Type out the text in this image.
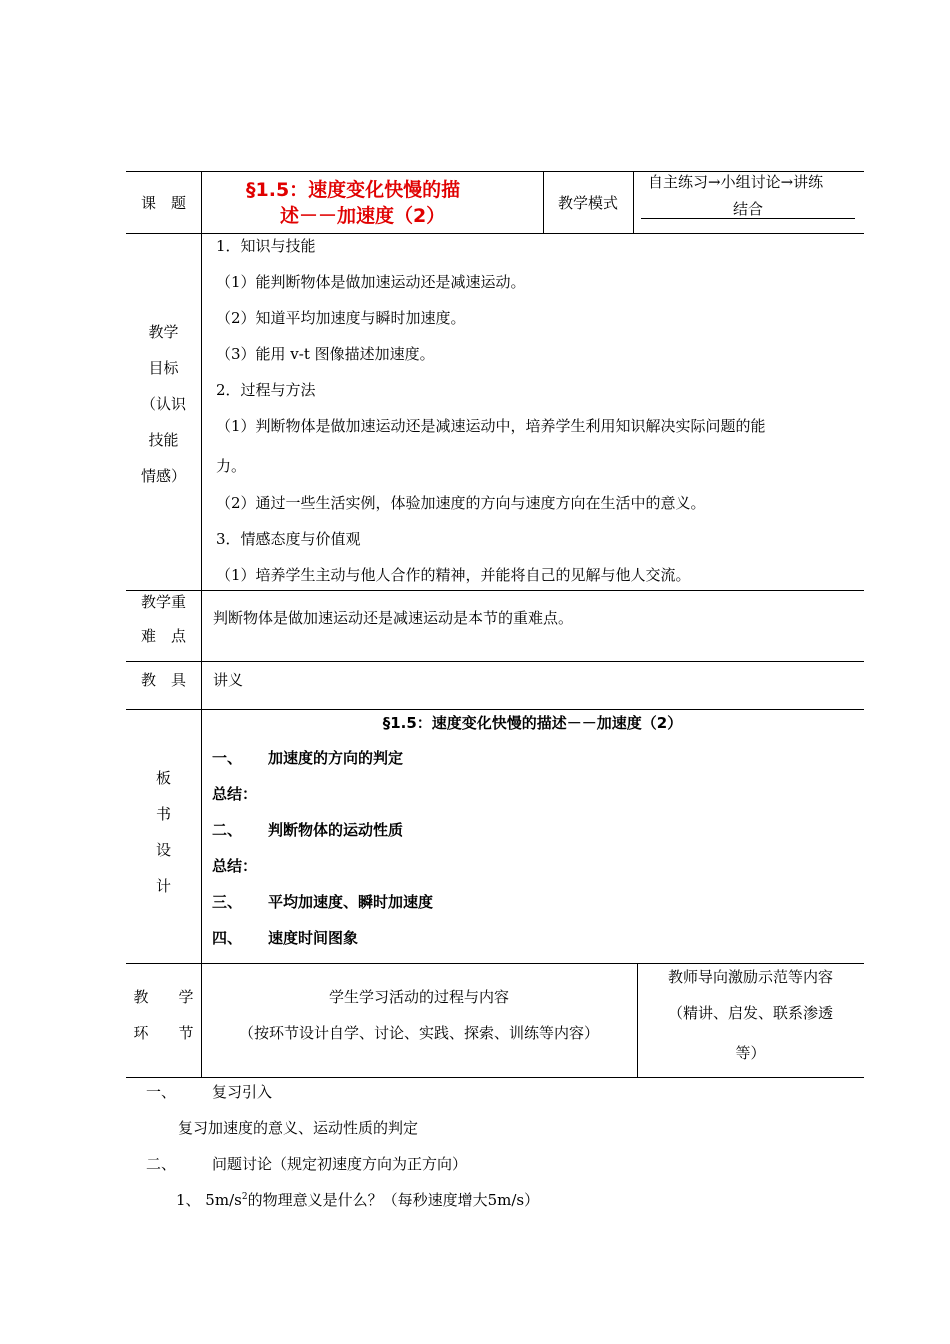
课　题
§1.5：速度变化快慢的描
述－－加速度（2）
教学模式
自主练习→小组讨论→讲练
结合
教学
目标
（认识
技能
情感）
1．知识与技能
（1）能判断物体是做加速运动还是减速运动。
（2）知道平均加速度与瞬时加速度。
（3）能用 v-t 图像描述加速度。
2．过程与方法
（1）判断物体是做加速运动还是减速运动中，培养学生利用知识解决实际问题的能
力。
（2）通过一些生活实例，体验加速度的方向与速度方向在生活中的意义。
3．情感态度与价值观
（1）培养学生主动与他人合作的精神，并能将自己的见解与他人交流。
教学重
难　点
判断物体是做加速运动还是减速运动是本节的重难点。
教　具	讲义
板
书
设
计
§1.5：速度变化快慢的描述－－加速度（2）
一、 加速度的方向的判定
总结：
二、 判断物体的运动性质
总结：
三、 平均加速度、瞬时加速度
四、 速度时间图象
教　　学
环　　节
学生学习活动的过程与内容
（按环节设计自学、讨论、实践、探索、训练等内容）
教师导向激励示范等内容
（精讲、启发、联系渗透
等）
一、 复习引入
复习加速度的意义、运动性质的判定
二、 问题讨论（规定初速度方向为正方向）
1、 $5m/s^2$的物理意义是什么？（每秒速度增大5m/s）
